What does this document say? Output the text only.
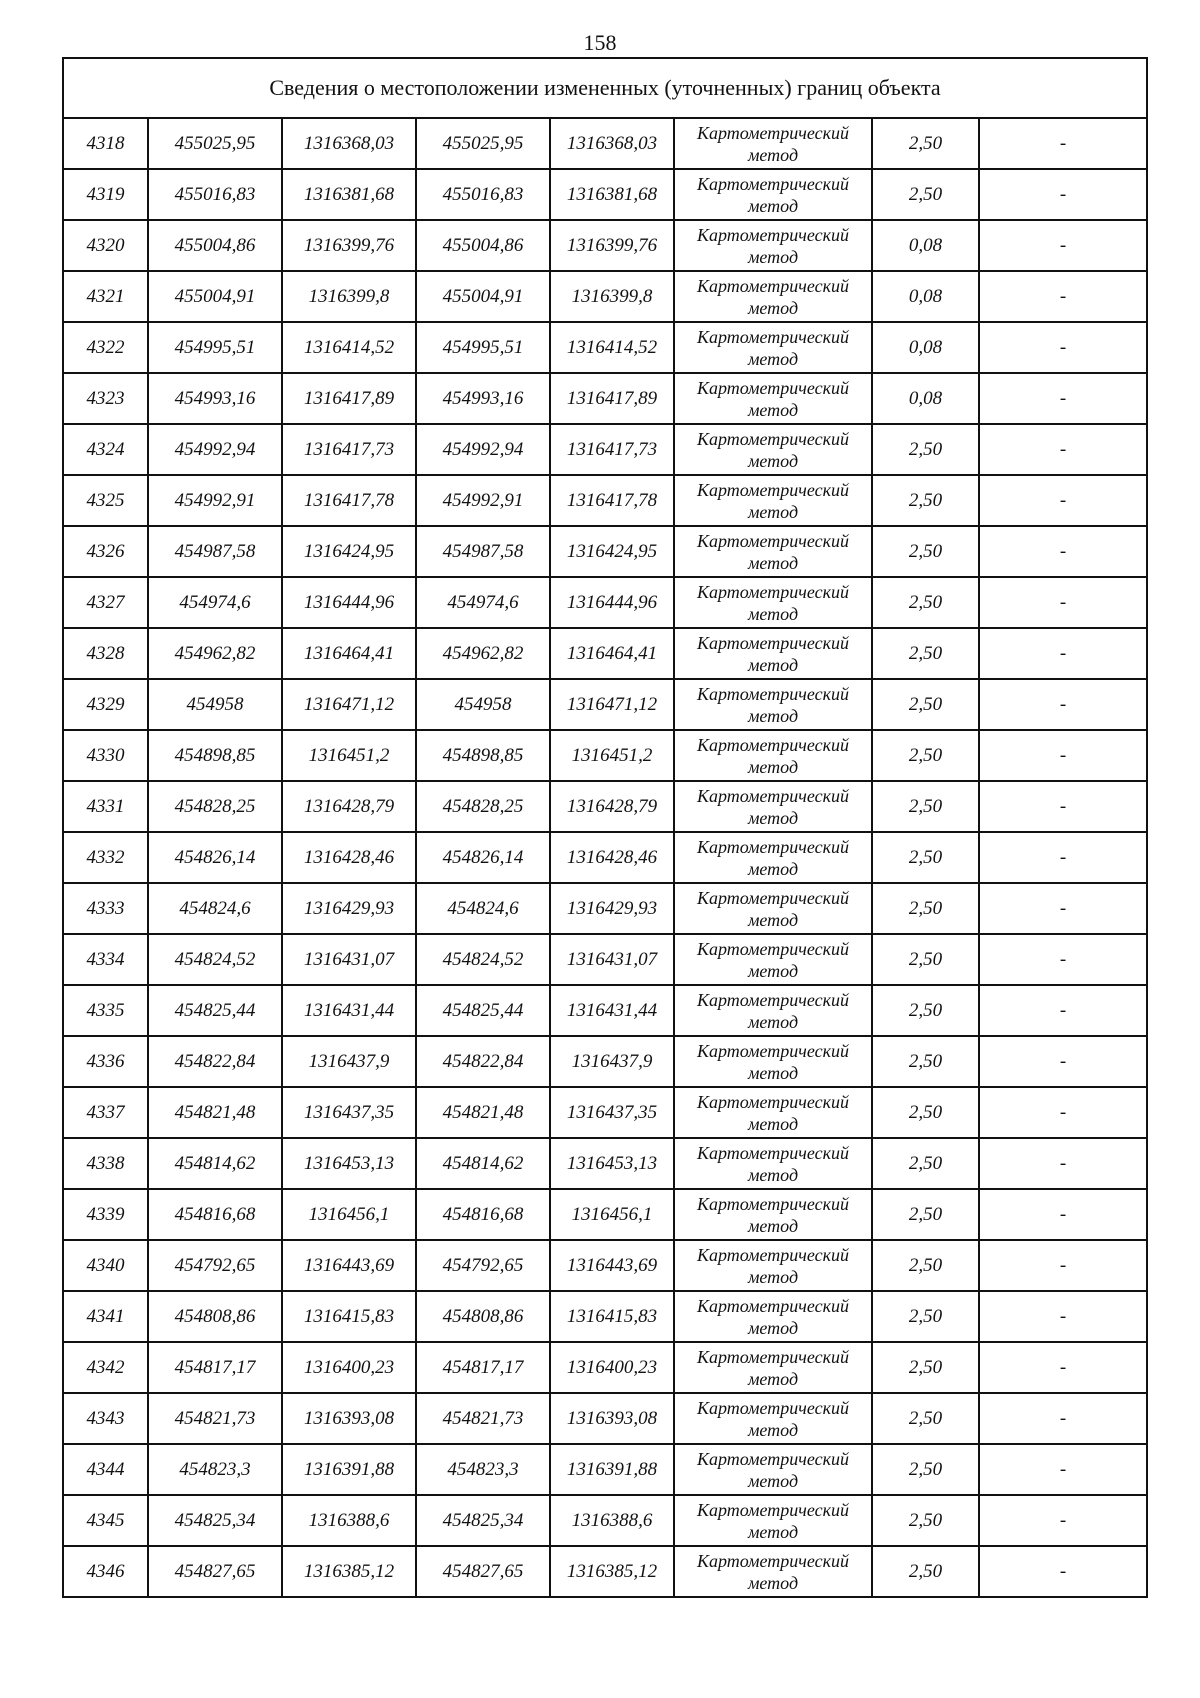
158
Сведения о местоположении измененных (уточненных) границ объекта							
4318	455025,95	1316368,03	455025,95	1316368,03	Картометрический
метод	2,50	-
4319	455016,83	1316381,68	455016,83	1316381,68	Картометрический
метод	2,50	-
4320	455004,86	1316399,76	455004,86	1316399,76	Картометрический
метод	0,08	-
4321	455004,91	1316399,8	455004,91	1316399,8	Картометрический
метод	0,08	-
4322	454995,51	1316414,52	454995,51	1316414,52	Картометрический
метод	0,08	-
4323	454993,16	1316417,89	454993,16	1316417,89	Картометрический
метод	0,08	-
4324	454992,94	1316417,73	454992,94	1316417,73	Картометрический
метод	2,50	-
4325	454992,91	1316417,78	454992,91	1316417,78	Картометрический
метод	2,50	-
4326	454987,58	1316424,95	454987,58	1316424,95	Картометрический
метод	2,50	-
4327	454974,6	1316444,96	454974,6	1316444,96	Картометрический
метод	2,50	-
4328	454962,82	1316464,41	454962,82	1316464,41	Картометрический
метод	2,50	-
4329	454958	1316471,12	454958	1316471,12	Картометрический
метод	2,50	-
4330	454898,85	1316451,2	454898,85	1316451,2	Картометрический
метод	2,50	-
4331	454828,25	1316428,79	454828,25	1316428,79	Картометрический
метод	2,50	-
4332	454826,14	1316428,46	454826,14	1316428,46	Картометрический
метод	2,50	-
4333	454824,6	1316429,93	454824,6	1316429,93	Картометрический
метод	2,50	-
4334	454824,52	1316431,07	454824,52	1316431,07	Картометрический
метод	2,50	-
4335	454825,44	1316431,44	454825,44	1316431,44	Картометрический
метод	2,50	-
4336	454822,84	1316437,9	454822,84	1316437,9	Картометрический
метод	2,50	-
4337	454821,48	1316437,35	454821,48	1316437,35	Картометрический
метод	2,50	-
4338	454814,62	1316453,13	454814,62	1316453,13	Картометрический
метод	2,50	-
4339	454816,68	1316456,1	454816,68	1316456,1	Картометрический
метод	2,50	-
4340	454792,65	1316443,69	454792,65	1316443,69	Картометрический
метод	2,50	-
4341	454808,86	1316415,83	454808,86	1316415,83	Картометрический
метод	2,50	-
4342	454817,17	1316400,23	454817,17	1316400,23	Картометрический
метод	2,50	-
4343	454821,73	1316393,08	454821,73	1316393,08	Картометрический
метод	2,50	-
4344	454823,3	1316391,88	454823,3	1316391,88	Картометрический
метод	2,50	-
4345	454825,34	1316388,6	454825,34	1316388,6	Картометрический
метод	2,50	-
4346	454827,65	1316385,12	454827,65	1316385,12	Картометрический
метод	2,50	-
